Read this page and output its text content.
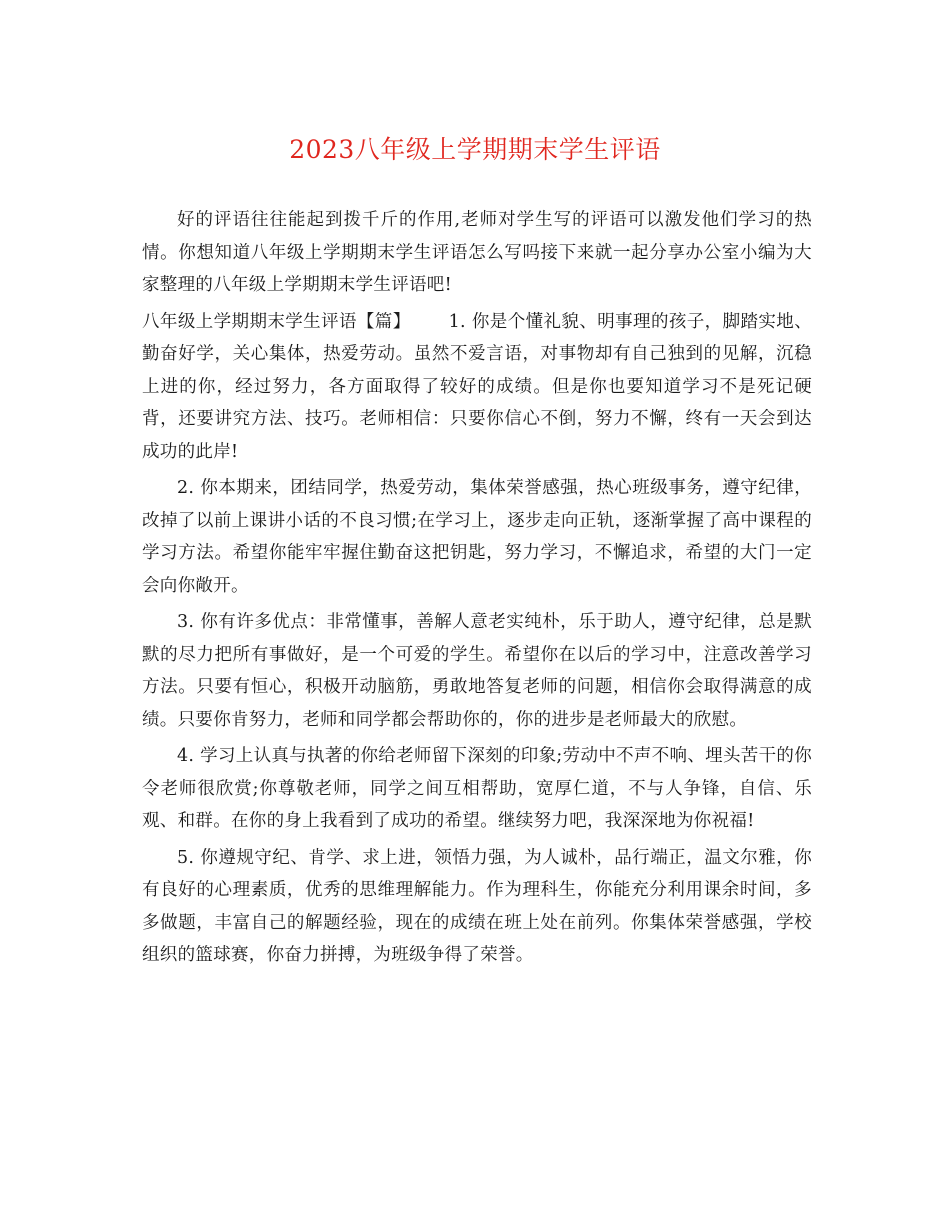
2023八年级上学期期末学生评语

好的评语往往能起到拨千斤的作用,老师对学生写的评语可以激发他们学习的热情。你想知道八年级上学期期末学生评语怎么写吗接下来就一起分享办公室小编为大家整理的八年级上学期期末学生评语吧!

八年级上学期期末学生评语【篇】 1. 你是个懂礼貌、明事理的孩子，脚踏实地、勤奋好学，关心集体，热爱劳动。虽然不爱言语，对事物却有自己独到的见解，沉稳上进的你，经过努力，各方面取得了较好的成绩。但是你也要知道学习不是死记硬背，还要讲究方法、技巧。老师相信：只要你信心不倒，努力不懈，终有一天会到达成功的此岸!

2. 你本期来，团结同学，热爱劳动，集体荣誉感强，热心班级事务，遵守纪律，改掉了以前上课讲小话的不良习惯;在学习上，逐步走向正轨，逐渐掌握了高中课程的学习方法。希望你能牢牢握住勤奋这把钥匙，努力学习，不懈追求，希望的大门一定会向你敞开。

3. 你有许多优点：非常懂事，善解人意老实纯朴，乐于助人，遵守纪律，总是默默的尽力把所有事做好，是一个可爱的学生。希望你在以后的学习中，注意改善学习方法。只要有恒心，积极开动脑筋，勇敢地答复老师的问题，相信你会取得满意的成绩。只要你肯努力，老师和同学都会帮助你的，你的进步是老师最大的欣慰。

4. 学习上认真与执著的你给老师留下深刻的印象;劳动中不声不响、埋头苦干的你令老师很欣赏;你尊敬老师，同学之间互相帮助，宽厚仁道，不与人争锋，自信、乐观、和群。在你的身上我看到了成功的希望。继续努力吧，我深深地为你祝福!

5. 你遵规守纪、肯学、求上进，领悟力强，为人诚朴，品行端正，温文尔雅，你有良好的心理素质，优秀的思维理解能力。作为理科生，你能充分利用课余时间，多多做题，丰富自己的解题经验，现在的成绩在班上处在前列。你集体荣誉感强，学校组织的篮球赛，你奋力拼搏，为班级争得了荣誉。
